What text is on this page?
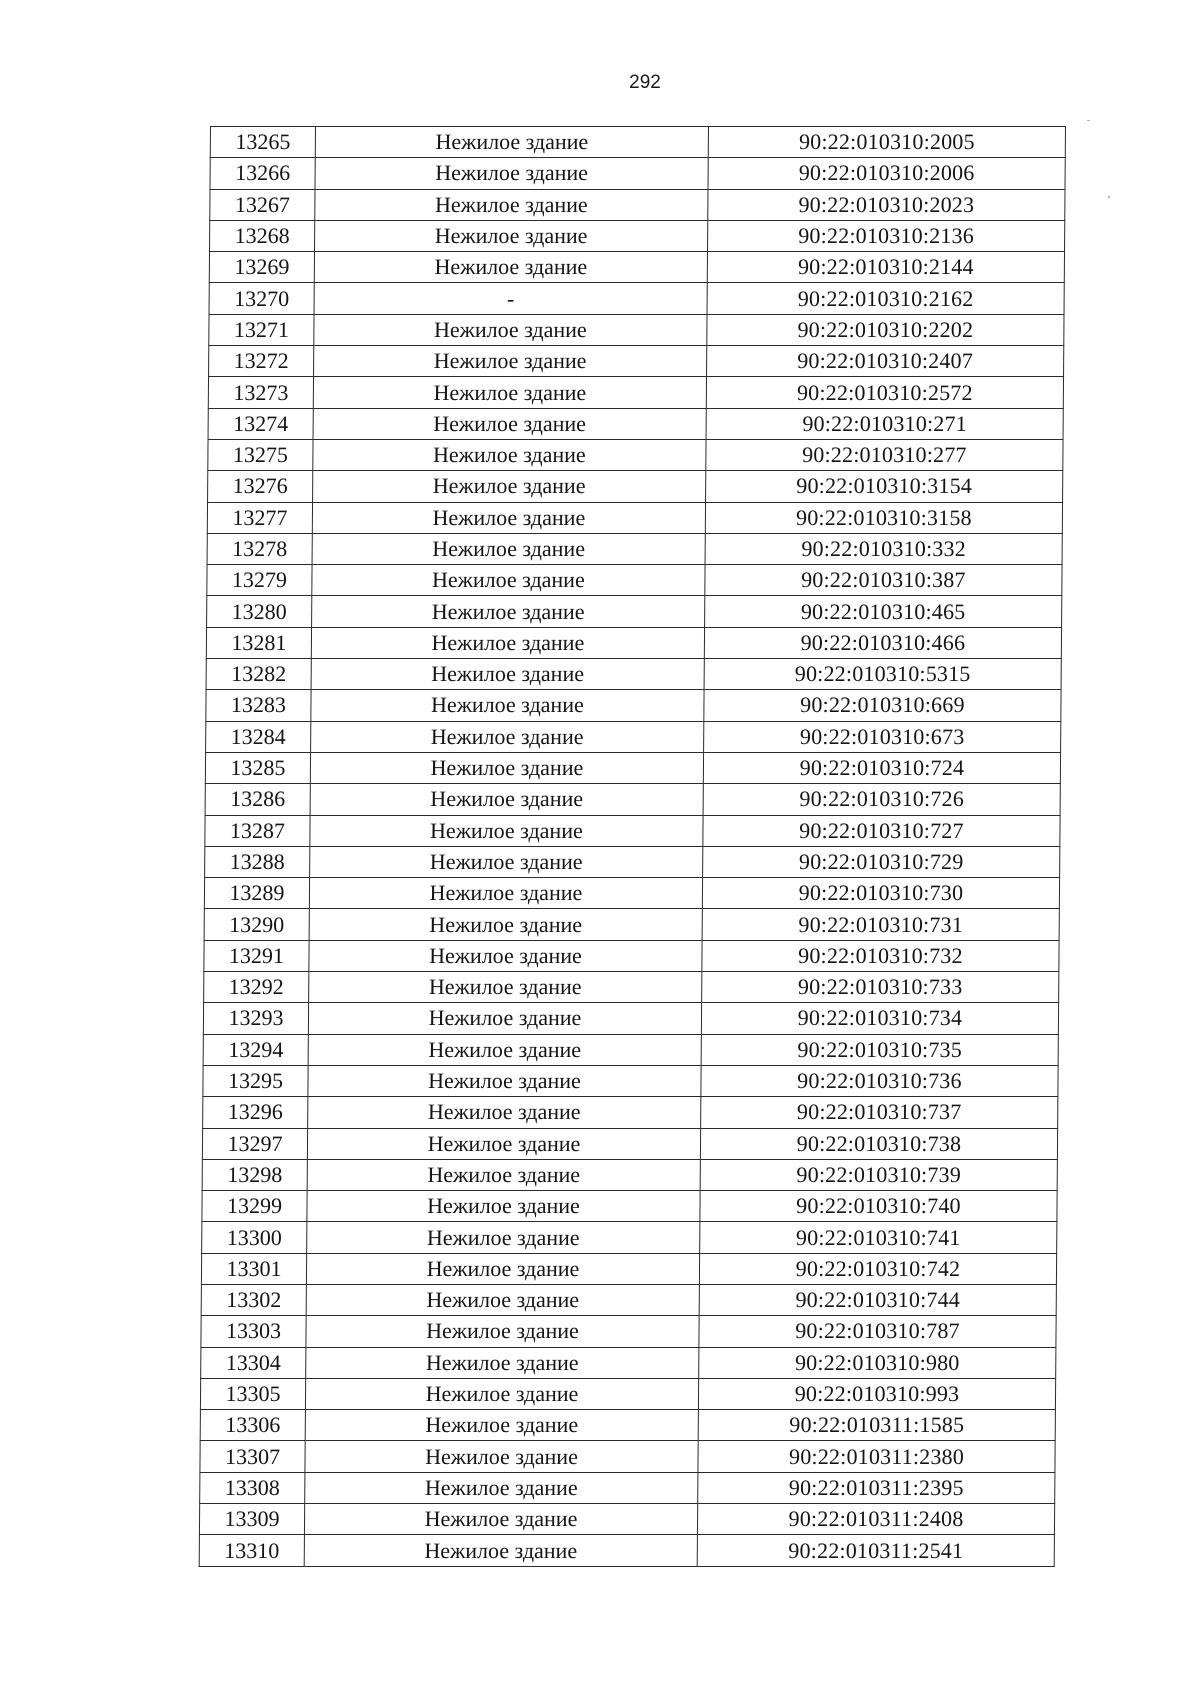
292
13265	Нежилое здание	90:22:010310:2005
13266	Нежилое здание	90:22:010310:2006
13267	Нежилое здание	90:22:010310:2023
13268	Нежилое здание	90:22:010310:2136
13269	Нежилое здание	90:22:010310:2144
13270	-	90:22:010310:2162
13271	Нежилое здание	90:22:010310:2202
13272	Нежилое здание	90:22:010310:2407
13273	Нежилое здание	90:22:010310:2572
13274	Нежилое здание	90:22:010310:271
13275	Нежилое здание	90:22:010310:277
13276	Нежилое здание	90:22:010310:3154
13277	Нежилое здание	90:22:010310:3158
13278	Нежилое здание	90:22:010310:332
13279	Нежилое здание	90:22:010310:387
13280	Нежилое здание	90:22:010310:465
13281	Нежилое здание	90:22:010310:466
13282	Нежилое здание	90:22:010310:5315
13283	Нежилое здание	90:22:010310:669
13284	Нежилое здание	90:22:010310:673
13285	Нежилое здание	90:22:010310:724
13286	Нежилое здание	90:22:010310:726
13287	Нежилое здание	90:22:010310:727
13288	Нежилое здание	90:22:010310:729
13289	Нежилое здание	90:22:010310:730
13290	Нежилое здание	90:22:010310:731
13291	Нежилое здание	90:22:010310:732
13292	Нежилое здание	90:22:010310:733
13293	Нежилое здание	90:22:010310:734
13294	Нежилое здание	90:22:010310:735
13295	Нежилое здание	90:22:010310:736
13296	Нежилое здание	90:22:010310:737
13297	Нежилое здание	90:22:010310:738
13298	Нежилое здание	90:22:010310:739
13299	Нежилое здание	90:22:010310:740
13300	Нежилое здание	90:22:010310:741
13301	Нежилое здание	90:22:010310:742
13302	Нежилое здание	90:22:010310:744
13303	Нежилое здание	90:22:010310:787
13304	Нежилое здание	90:22:010310:980
13305	Нежилое здание	90:22:010310:993
13306	Нежилое здание	90:22:010311:1585
13307	Нежилое здание	90:22:010311:2380
13308	Нежилое здание	90:22:010311:2395
13309	Нежилое здание	90:22:010311:2408
13310	Нежилое здание	90:22:010311:2541
